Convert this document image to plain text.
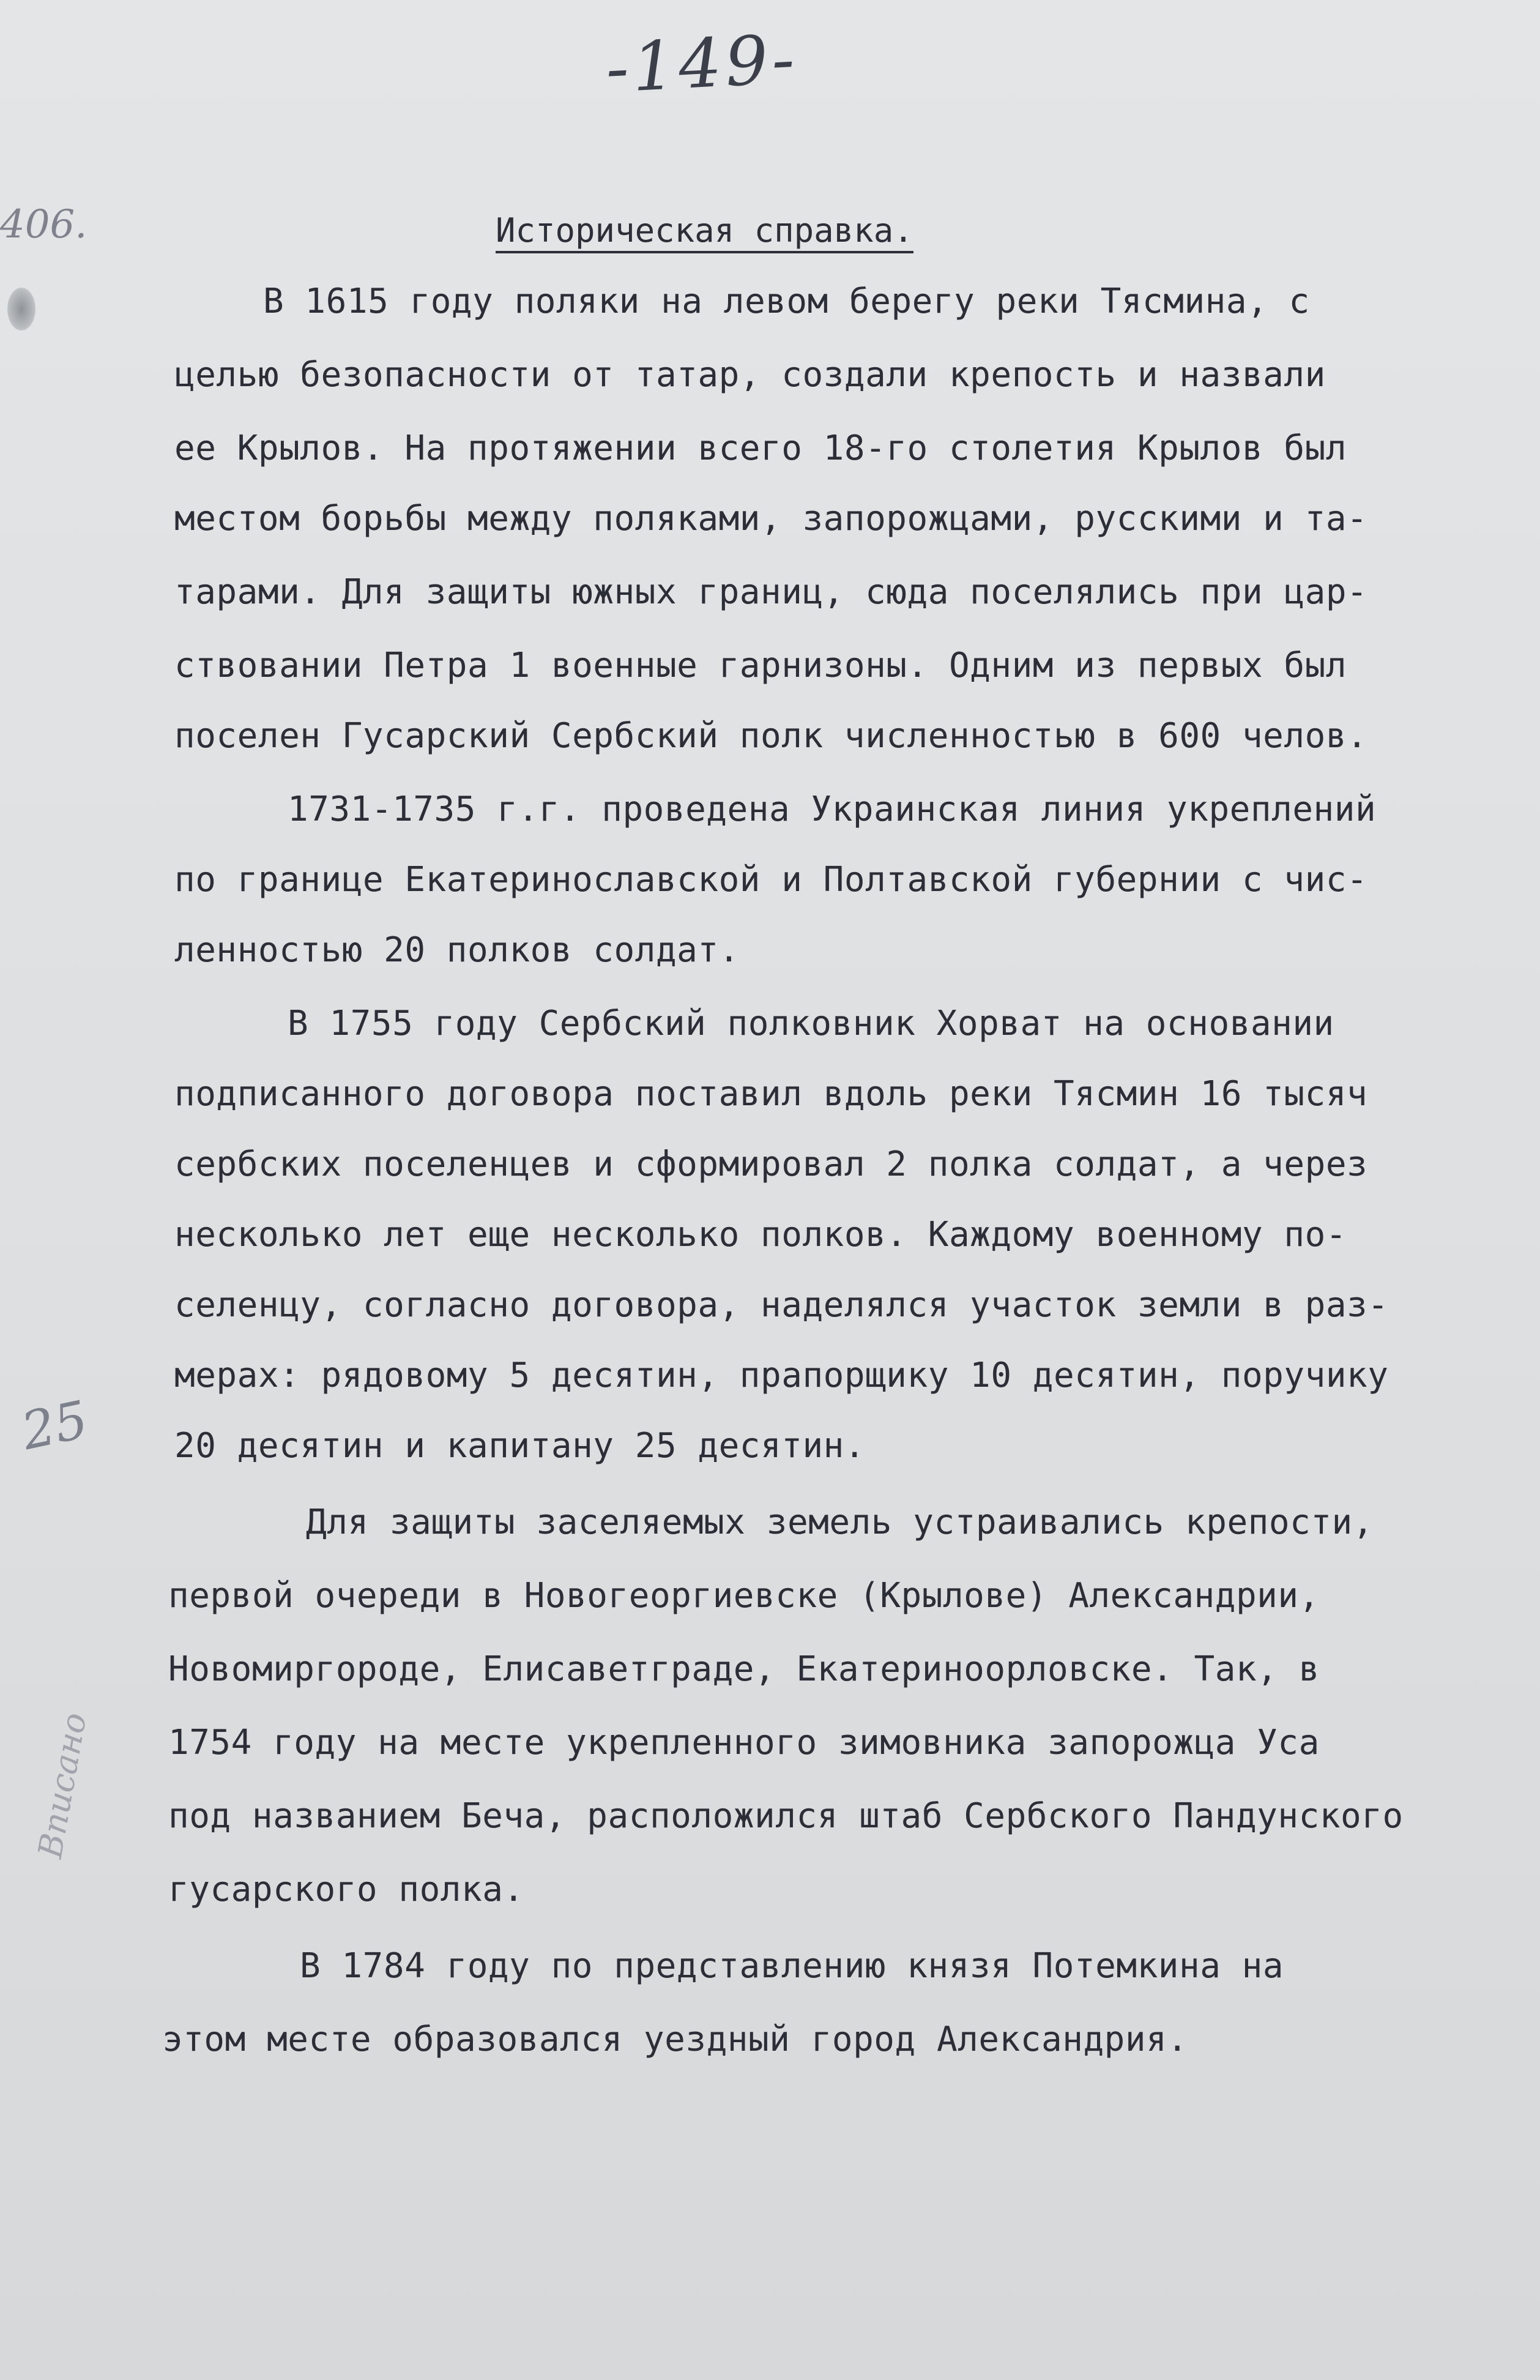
-149-
406.
25
Вписано
Историческая справка.
В 1615 году поляки на левом берегу реки Тясмина, с
целью безопасности от татар, создали крепость и назвали
ее Крылов. На протяжении всего 18-го столетия Крылов был
местом борьбы между поляками, запорожцами, русскими и та-
тарами. Для защиты южных границ, сюда поселялись при цар-
ствовании Петра 1 военные гарнизоны. Одним из первых был
поселен Гусарский Сербский полк численностью в 600 челов.
1731-1735 г.г. проведена Украинская линия укреплений
по границе Екатеринославской и Полтавской губернии с чис-
ленностью 20 полков солдат.
В 1755 году Сербский полковник Хорват на основании
подписанного договора поставил вдоль реки Тясмин 16 тысяч
сербских поселенцев и сформировал 2 полка солдат, а через
несколько лет еще несколько полков. Каждому военному по-
селенцу, согласно договора, наделялся участок земли в раз-
мерах: рядовому 5 десятин, прапорщику 10 десятин, поручику
20 десятин и капитану 25 десятин.
Для защиты заселяемых земель устраивались крепости,
первой очереди в Новогеоргиевске (Крылове) Александрии,
Новомиргороде, Елисаветграде, Екатериноорловске. Так, в
1754 году на месте укрепленного зимовника запорожца Уса
под названием Беча, расположился штаб Сербского Пандунского
гусарского полка.
В 1784 году по представлению князя Потемкина на
этом месте образовался уездный город Александрия.
